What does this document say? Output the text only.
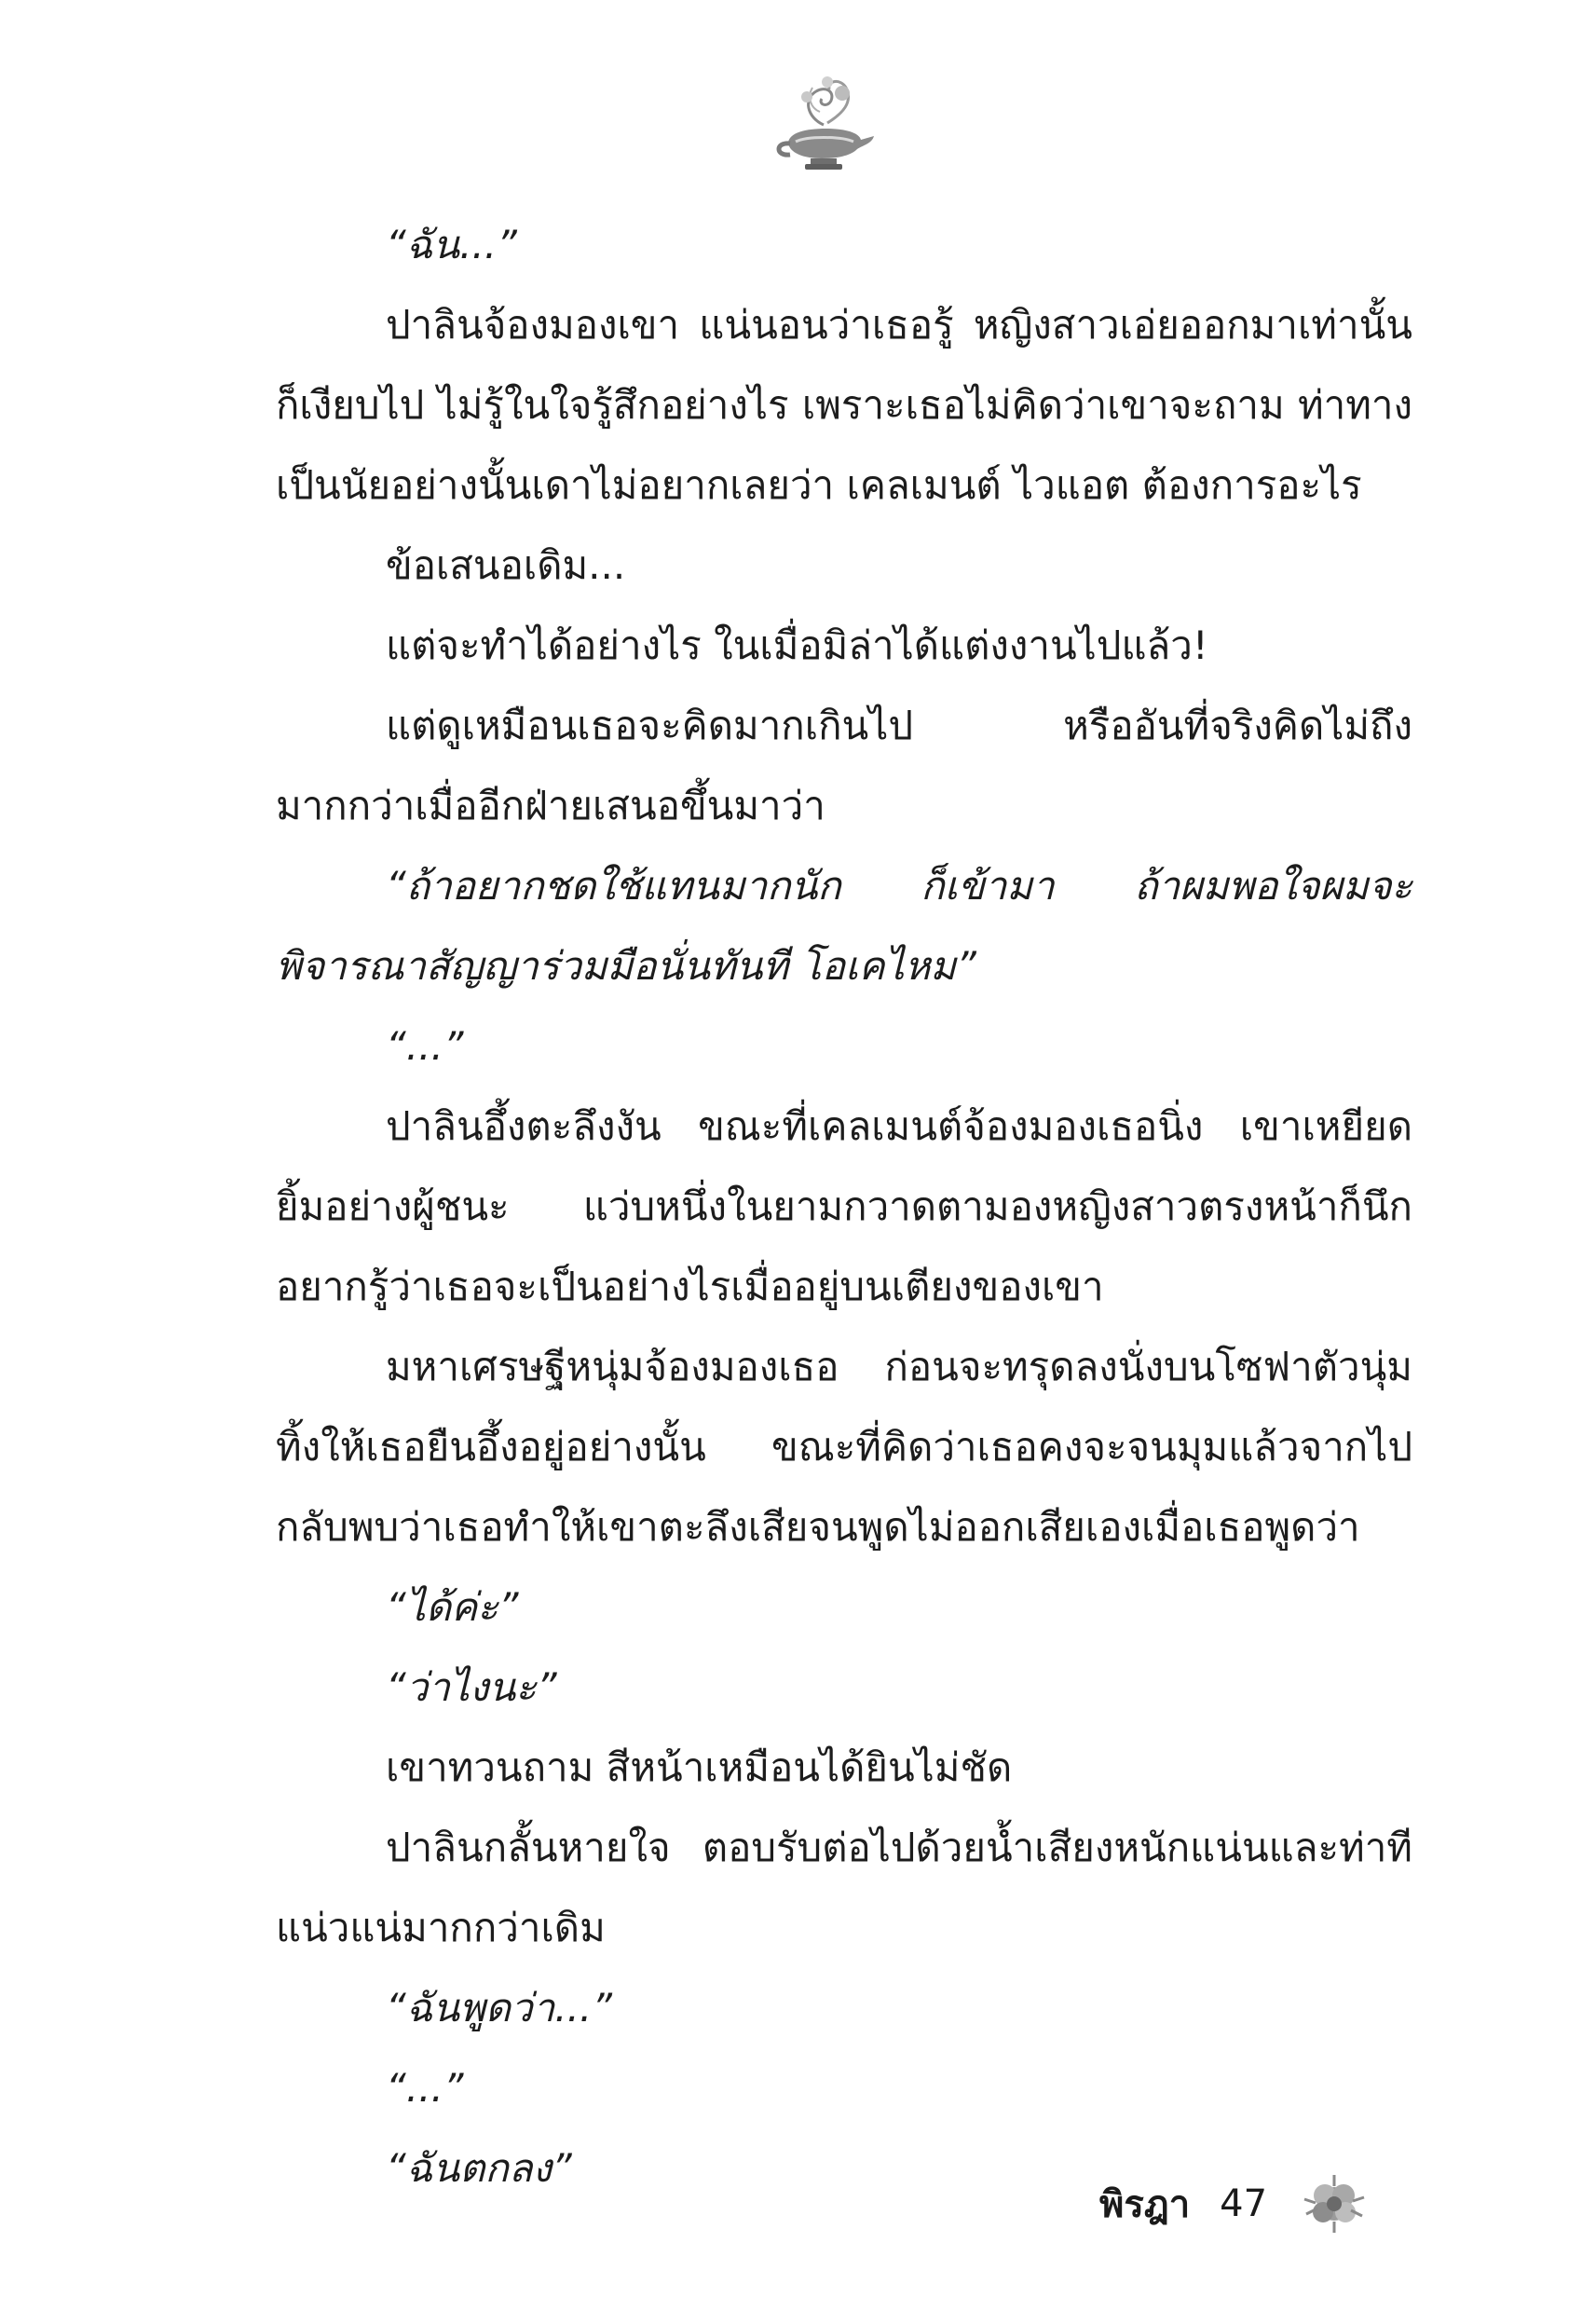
“ฉัน...”

ปาลินจ้องมองเขา แน่นอนว่าเธอรู้ หญิงสาวเอ่ยออกมาเท่านั้นก็เงียบไป ไม่รู้ในใจรู้สึกอย่างไร เพราะเธอไม่คิดว่าเขาจะถาม ท่าทางเป็นนัยอย่างนั้นเดาไม่อยากเลยว่า เคลเมนต์ ไวแอต ต้องการอะไร

ข้อเสนอเดิม...

แต่จะทำได้อย่างไร ในเมื่อมิล่าได้แต่งงานไปแล้ว!

แต่ดูเหมือนเธอจะคิดมากเกินไป หรืออันที่จริงคิดไม่ถึงมากกว่าเมื่ออีกฝ่ายเสนอขึ้นมาว่า

“ถ้าอยากชดใช้แทนมากนัก ก็เข้ามา ถ้าผมพอใจผมจะพิจารณาสัญญาร่วมมือนั่นทันที โอเคไหม”

“...”

ปาลินอึ้งตะลึงงัน ขณะที่เคลเมนต์จ้องมองเธอนิ่ง เขาเหยียดยิ้มอย่างผู้ชนะ แว่บหนึ่งในยามกวาดตามองหญิงสาวตรงหน้าก็นึกอยากรู้ว่าเธอจะเป็นอย่างไรเมื่ออยู่บนเตียงของเขา

มหาเศรษฐีหนุ่มจ้องมองเธอ ก่อนจะทรุดลงนั่งบนโซฟาตัวนุ่ม ทิ้งให้เธอยืนอึ้งอยู่อย่างนั้น ขณะที่คิดว่าเธอคงจะจนมุมแล้วจากไป กลับพบว่าเธอทำให้เขาตะลึงเสียจนพูดไม่ออกเสียเองเมื่อเธอพูดว่า

“ได้ค่ะ”

“ว่าไงนะ”

เขาทวนถาม สีหน้าเหมือนได้ยินไม่ชัด

ปาลินกลั้นหายใจ ตอบรับต่อไปด้วยน้ำเสียงหนักแน่นและท่าทีแน่วแน่มากกว่าเดิม

“ฉันพูดว่า...”

“...”

“ฉันตกลง”

พิรฎา 47
